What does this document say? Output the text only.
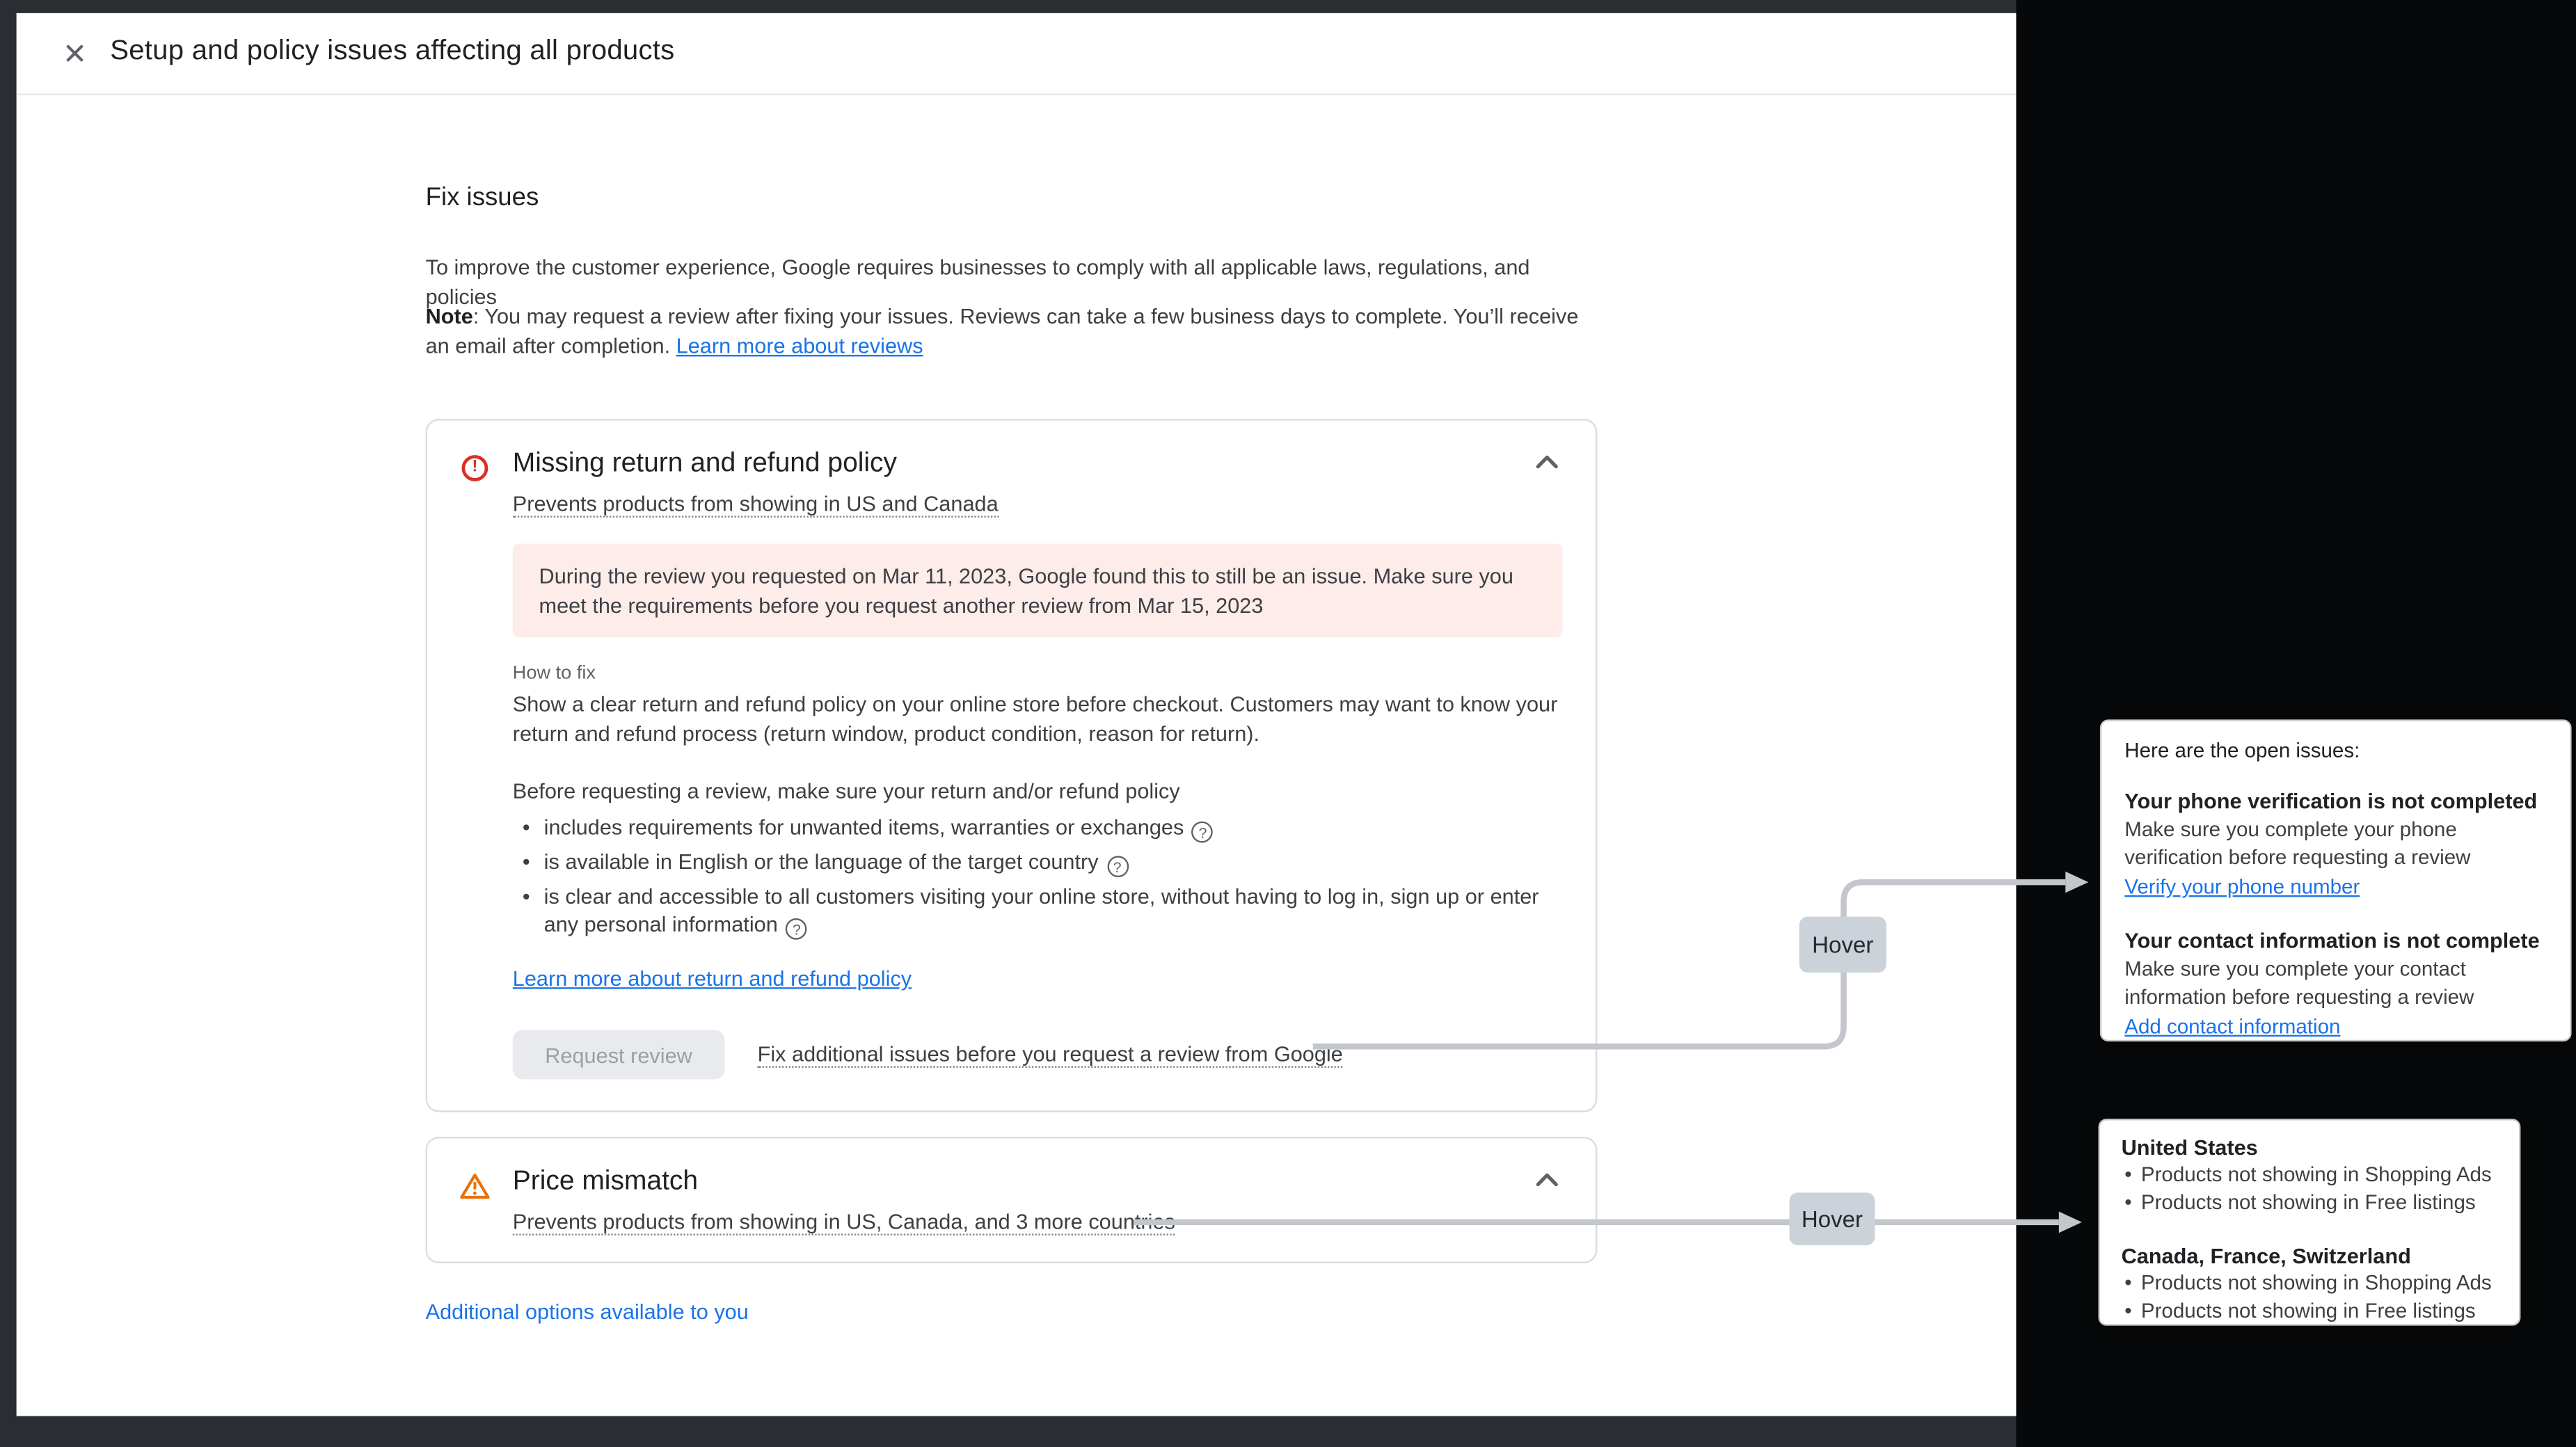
✕ Setup and policy issues affecting all products
Fix issues

To improve the customer experience, Google requires businesses to comply with all applicable laws, regulations, and policies

Note: You may request a review after fixing your issues. Reviews can take a few business days to complete. You’ll receive an email after completion. Learn more about reviews

!	Missing return and refund policy
Prevents products from showing in US and Canada
During the review you requested on Mar 11, 2023, Google found this to still be an issue. Make sure you meet the requirements before you request another review from Mar 15, 2023
How to fix

Show a clear return and refund policy on your online store before checkout. Customers may want to know your return and refund process (return window, product condition, reason for return).

Before requesting a review, make sure your return and/or refund policy

• includes requirements for unwanted items, warranties or exchanges ?
• is available in English or the language of the target country ?
• is clear and accessible to all customers visiting your online store, without having to log in, sign up or enter any personal information ?
Learn more about return and refund policy
Request review	Fix additional issues before you request a review from Google
Price mismatch
Prevents products from showing in US, Canada, and 3 more countries
Additional options available to you
Hover
Hover
Here are the open issues:
Your phone verification is not completed
Make sure you complete your phone verification before requesting a review
Verify your phone number
Your contact information is not complete
Make sure you complete your contact information before requesting a review
Add contact information
United States
• Products not showing in Shopping Ads
• Products not showing in Free listings
Canada, France, Switzerland
• Products not showing in Shopping Ads
• Products not showing in Free listings
